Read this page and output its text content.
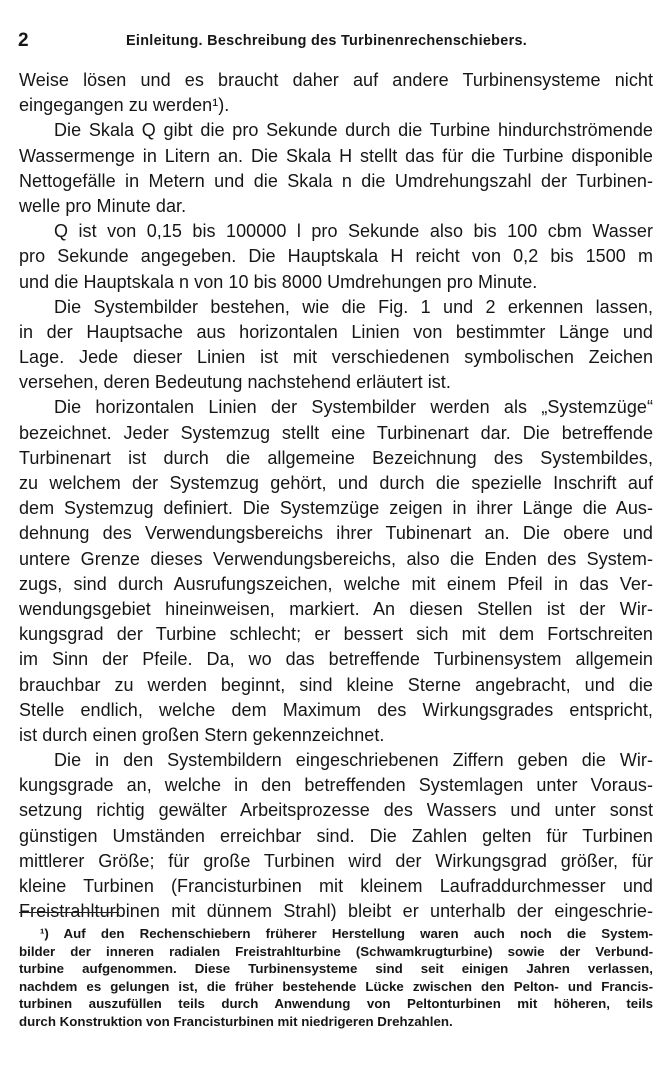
2	Einleitung. Beschreibung des Turbinenrechenschiebers.
Weise lösen und es braucht daher auf andere Turbinensysteme nicht
eingegangen zu werden¹).
Die Skala Q gibt die pro Sekunde durch die Turbine hindurchströmende
Wassermenge in Litern an. Die Skala H stellt das für die Turbine disponible
Nettogefälle in Metern und die Skala n die Umdrehungszahl der Turbinen-
welle pro Minute dar.
Q ist von 0,15 bis 100000 l pro Sekunde also bis 100 cbm Wasser
pro Sekunde angegeben. Die Hauptskala H reicht von 0,2 bis 1500 m
und die Hauptskala n von 10 bis 8000 Umdrehungen pro Minute.
Die Systembilder bestehen, wie die Fig. 1 und 2 erkennen lassen,
in der Hauptsache aus horizontalen Linien von bestimmter Länge und
Lage. Jede dieser Linien ist mit verschiedenen symbolischen Zeichen
versehen, deren Bedeutung nachstehend erläutert ist.
Die horizontalen Linien der Systembilder werden als „Systemzüge“
bezeichnet. Jeder Systemzug stellt eine Turbinenart dar. Die betreffende
Turbinenart ist durch die allgemeine Bezeichnung des Systembildes,
zu welchem der Systemzug gehört, und durch die spezielle Inschrift auf
dem Systemzug definiert. Die Systemzüge zeigen in ihrer Länge die Aus-
dehnung des Verwendungsbereichs ihrer Tubinenart an. Die obere und
untere Grenze dieses Verwendungsbereichs, also die Enden des System-
zugs, sind durch Ausrufungszeichen, welche mit einem Pfeil in das Ver-
wendungsgebiet hineinweisen, markiert. An diesen Stellen ist der Wir-
kungsgrad der Turbine schlecht; er bessert sich mit dem Fortschreiten
im Sinn der Pfeile. Da, wo das betreffende Turbinensystem allgemein
brauchbar zu werden beginnt, sind kleine Sterne angebracht, und die
Stelle endlich, welche dem Maximum des Wirkungsgrades entspricht,
ist durch einen großen Stern gekennzeichnet.
Die in den Systembildern eingeschriebenen Ziffern geben die Wir-
kungsgrade an, welche in den betreffenden Systemlagen unter Voraus-
setzung richtig gewälter Arbeitsprozesse des Wassers und unter sonst
günstigen Umständen erreichbar sind. Die Zahlen gelten für Turbinen
mittlerer Größe; für große Turbinen wird der Wirkungsgrad größer, für
kleine Turbinen (Francisturbinen mit kleinem Laufraddurchmesser und
Freistrahlturbinen mit dünnem Strahl) bleibt er unterhalb der eingeschrie-
¹) Auf den Rechenschiebern früherer Herstellung waren auch noch die System-
bilder der inneren radialen Freistrahlturbine (Schwamkrugturbine) sowie der Verbund-
turbine aufgenommen. Diese Turbinensysteme sind seit einigen Jahren verlassen,
nachdem es gelungen ist, die früher bestehende Lücke zwischen den Pelton- und Francis-
turbinen auszufüllen teils durch Anwendung von Peltonturbinen mit höheren, teils
durch Konstruktion von Francisturbinen mit niedrigeren Drehzahlen.
